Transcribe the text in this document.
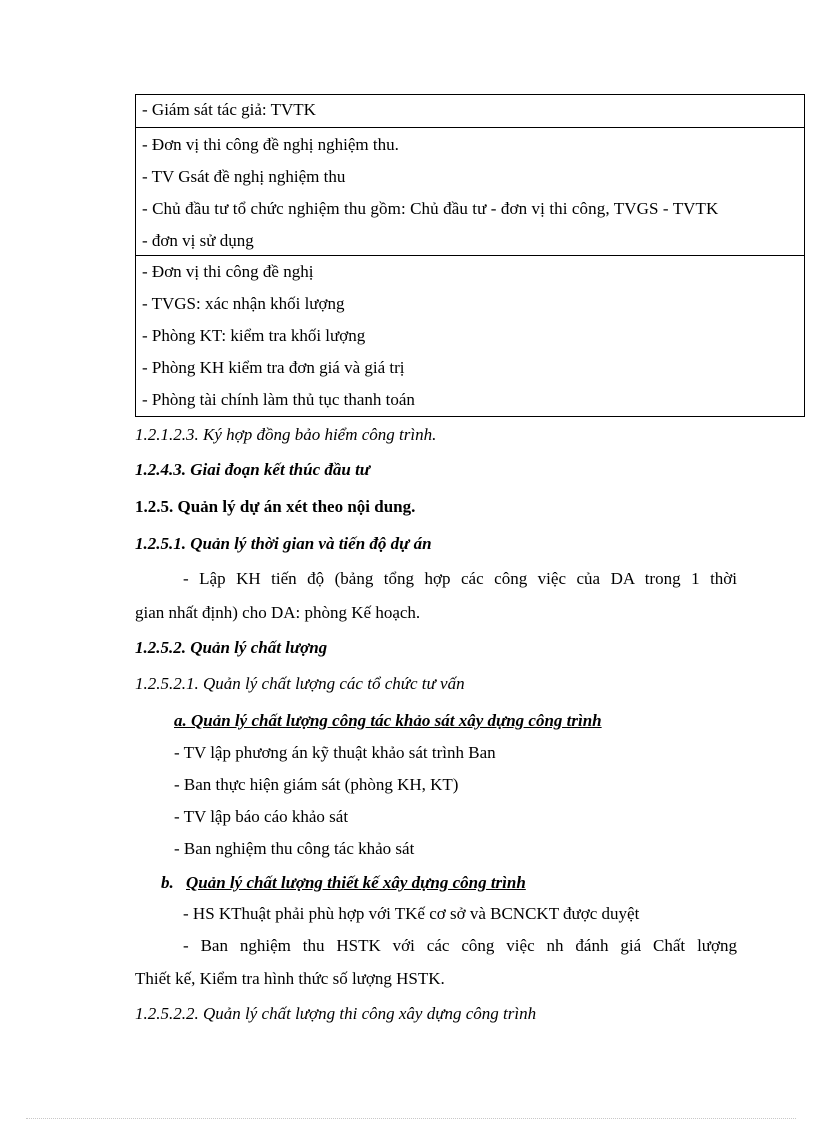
- Giám sát tác giả: TVTK
- Đơn vị thi công đề nghị nghiệm thu.
- TV Gsát đề nghị nghiệm thu
- Chủ đầu tư tổ chức nghiệm thu gồm: Chủ đầu tư - đơn vị thi công, TVGS - TVTK
- đơn vị sử dụng
- Đơn vị thi công đề nghị
- TVGS: xác nhận khối lượng
- Phòng KT: kiểm tra khối lượng
- Phòng KH kiểm tra đơn giá và giá trị
- Phòng tài chính làm thủ tục thanh toán
1.2.1.2.3. Ký hợp đồng bảo hiểm công trình.
1.2.4.3. Giai đoạn kết thúc đầu tư
1.2.5. Quản lý dự án xét theo nội dung.
1.2.5.1. Quản lý thời gian và tiến độ dự án
- Lập KH tiến độ (bảng tổng hợp các công việc của DA trong 1 thời
gian nhất định) cho DA: phòng Kế hoạch.
1.2.5.2. Quản lý chất lượng
1.2.5.2.1. Quản lý chất lượng các tổ chức tư vấn
a. Quản lý chất lượng công tác khảo sát xây dựng công trình
- TV lập phương án kỹ thuật khảo sát trình Ban
- Ban thực hiện giám sát (phòng KH, KT)
- TV lập báo cáo khảo sát
- Ban nghiệm thu công tác khảo sát
b. Quản lý chất lượng thiết kế xây dựng công trình
- HS KThuật phải phù hợp với TKế cơ sở và BCNCKT được duyệt
- Ban nghiệm thu HSTK với các công việc nh đánh giá Chất lượng
Thiết kế, Kiểm tra hình thức số lượng HSTK.
1.2.5.2.2. Quản lý chất lượng thi công xây dựng công trình
